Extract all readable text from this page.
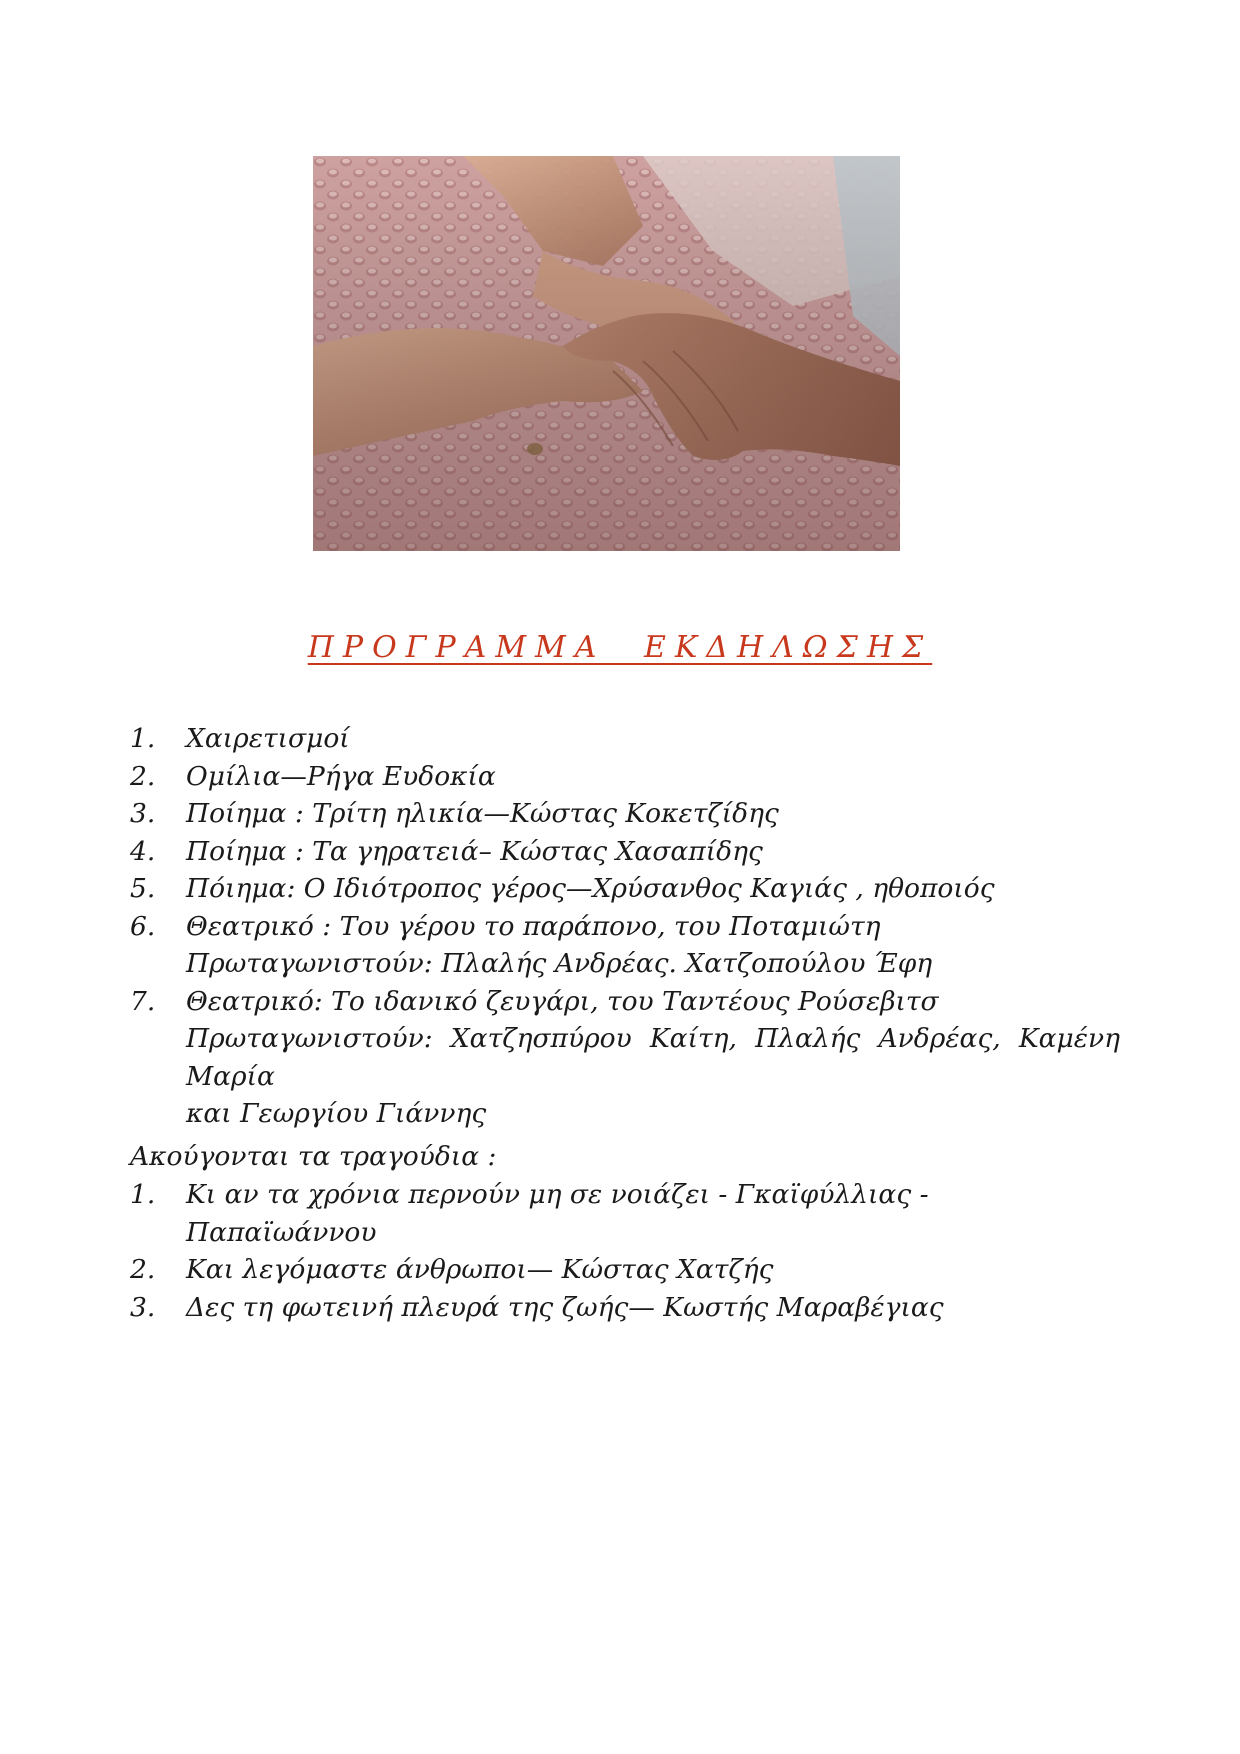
ΠΡΟΓΡΑΜΜΑ ΕΚΔΗΛΩΣΗΣ
1.	Χαιρετισμοί
2.	Ομίλια—Ρήγα Ευδοκία
3.	Ποίημα : Τρίτη ηλικία—Κώστας Κοκετζίδης
4.	Ποίημα : Τα γηρατειά– Κώστας Χασαπίδης
5.	Πόιημα: Ο Ιδιότροπος γέρος—Χρύσανθος Καγιάς , ηθοποιός
6.	Θεατρικό : Του γέρου το παράπονο, του Ποταμιώτη
Πρωταγωνιστούν: Πλαλής Ανδρέας. Χατζοπούλου Έφη
7.	Θεατρικό: Το ιδανικό ζευγάρι, του Ταντέους Ρούσεβιτσ
Πρωταγωνιστούν: Χατζησπύρου Καίτη, Πλαλής Ανδρέας, Καμένη Μαρία
και Γεωργίου Γιάννης
Ακούγονται τα τραγούδια :
1.	Κι αν τα χρόνια περνούν μη σε νοιάζει - Γκαϊφύλλιας - Παπαϊωάννου
2.	Και λεγόμαστε άνθρωποι— Κώστας Χατζής
3.	Δες τη φωτεινή πλευρά της ζωής— Κωστής Μαραβέγιας
